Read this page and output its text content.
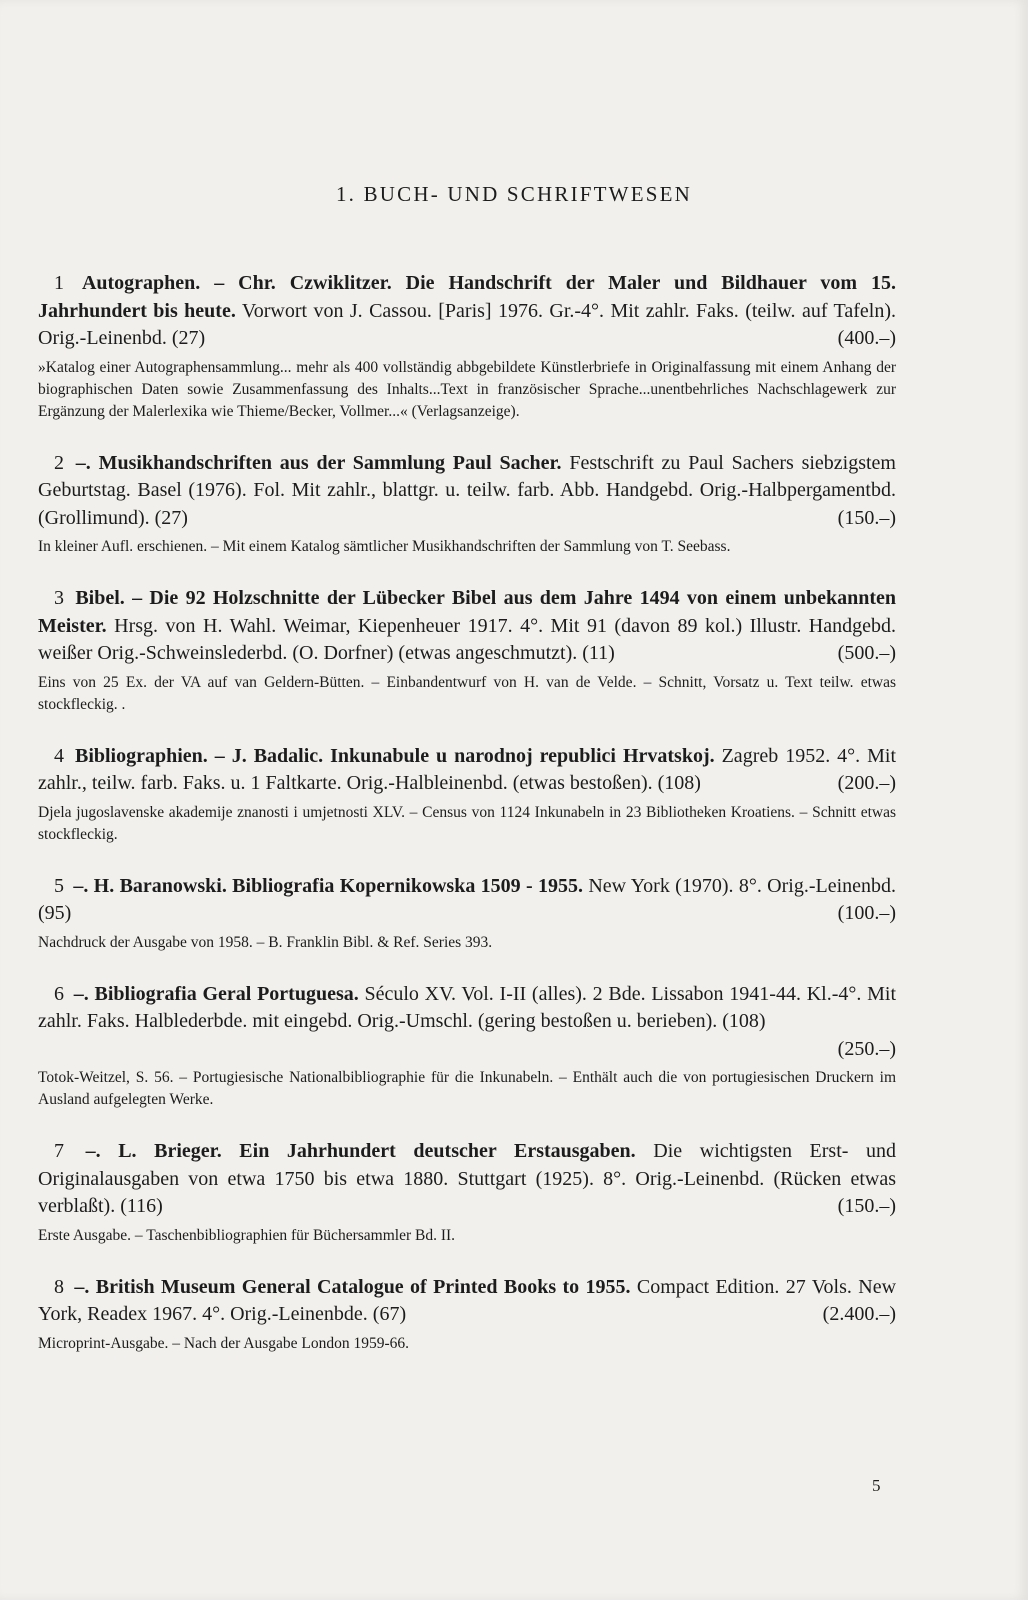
1. BUCH- UND SCHRIFTWESEN

1 Autographen. – Chr. Czwiklitzer. Die Handschrift der Maler und Bildhauer vom 15. Jahrhundert bis heute. Vorwort von J. Cassou. [Paris] 1976. Gr.-4°. Mit zahlr. Faks. (teilw. auf Tafeln). Orig.-Leinenbd. (27)	(400.–)

»Katalog einer Autographensammlung... mehr als 400 vollständig abbgebildete Künstlerbriefe in Originalfassung mit einem Anhang der biographischen Daten sowie Zusammenfassung des Inhalts...Text in französischer Sprache...unentbehrliches Nachschlagewerk zur Ergänzung der Malerlexika wie Thieme/Becker, Vollmer...« (Verlagsanzeige).

2 –. Musikhandschriften aus der Sammlung Paul Sacher. Festschrift zu Paul Sachers siebzigstem Geburtstag. Basel (1976). Fol. Mit zahlr., blattgr. u. teilw. farb. Abb. Handgebd. Orig.-Halbpergamentbd. (Grollimund). (27)	(150.–)

In kleiner Aufl. erschienen. – Mit einem Katalog sämtlicher Musikhandschriften der Sammlung von T. Seebass.

3 Bibel. – Die 92 Holzschnitte der Lübecker Bibel aus dem Jahre 1494 von einem unbekannten Meister. Hrsg. von H. Wahl. Weimar, Kiepenheuer 1917. 4°. Mit 91 (davon 89 kol.) Illustr. Handgebd. weißer Orig.-Schweinslederbd. (O. Dorfner) (etwas angeschmutzt). (11)	(500.–)

Eins von 25 Ex. der VA auf van Geldern-Bütten. – Einbandentwurf von H. van de Velde. – Schnitt, Vorsatz u. Text teilw. etwas stockfleckig. .

4 Bibliographien. – J. Badalic. Inkunabule u narodnoj republici Hrvatskoj. Zagreb 1952. 4°. Mit zahlr., teilw. farb. Faks. u. 1 Faltkarte. Orig.-Halbleinenbd. (etwas bestoßen). (108)	(200.–)

Djela jugoslavenske akademije znanosti i umjetnosti XLV. – Census von 1124 Inkunabeln in 23 Bibliotheken Kroatiens. – Schnitt etwas stockfleckig.

5 –. H. Baranowski. Bibliografia Kopernikowska 1509 - 1955. New York (1970). 8°. Orig.-Leinenbd. (95)	(100.–)

Nachdruck der Ausgabe von 1958. – B. Franklin Bibl. & Ref. Series 393.

6 –. Bibliografia Geral Portuguesa. Século XV. Vol. I-II (alles). 2 Bde. Lissabon 1941-44. Kl.-4°. Mit zahlr. Faks. Halblederbde. mit eingebd. Orig.-Umschl. (gering bestoßen u. berieben). (108)
(250.–)

Totok-Weitzel, S. 56. – Portugiesische Nationalbibliographie für die Inkunabeln. – Enthält auch die von portugiesischen Druckern im Ausland aufgelegten Werke.

7 –. L. Brieger. Ein Jahrhundert deutscher Erstausgaben. Die wichtigsten Erst- und Originalausgaben von etwa 1750 bis etwa 1880. Stuttgart (1925). 8°. Orig.-Leinenbd. (Rücken etwas verblaßt). (116)	(150.–)

Erste Ausgabe. – Taschenbibliographien für Büchersammler Bd. II.

8 –. British Museum General Catalogue of Printed Books to 1955. Compact Edition. 27 Vols. New York, Readex 1967. 4°. Orig.-Leinenbde. (67)	(2.400.–)

Microprint-Ausgabe. – Nach der Ausgabe London 1959-66.

5
